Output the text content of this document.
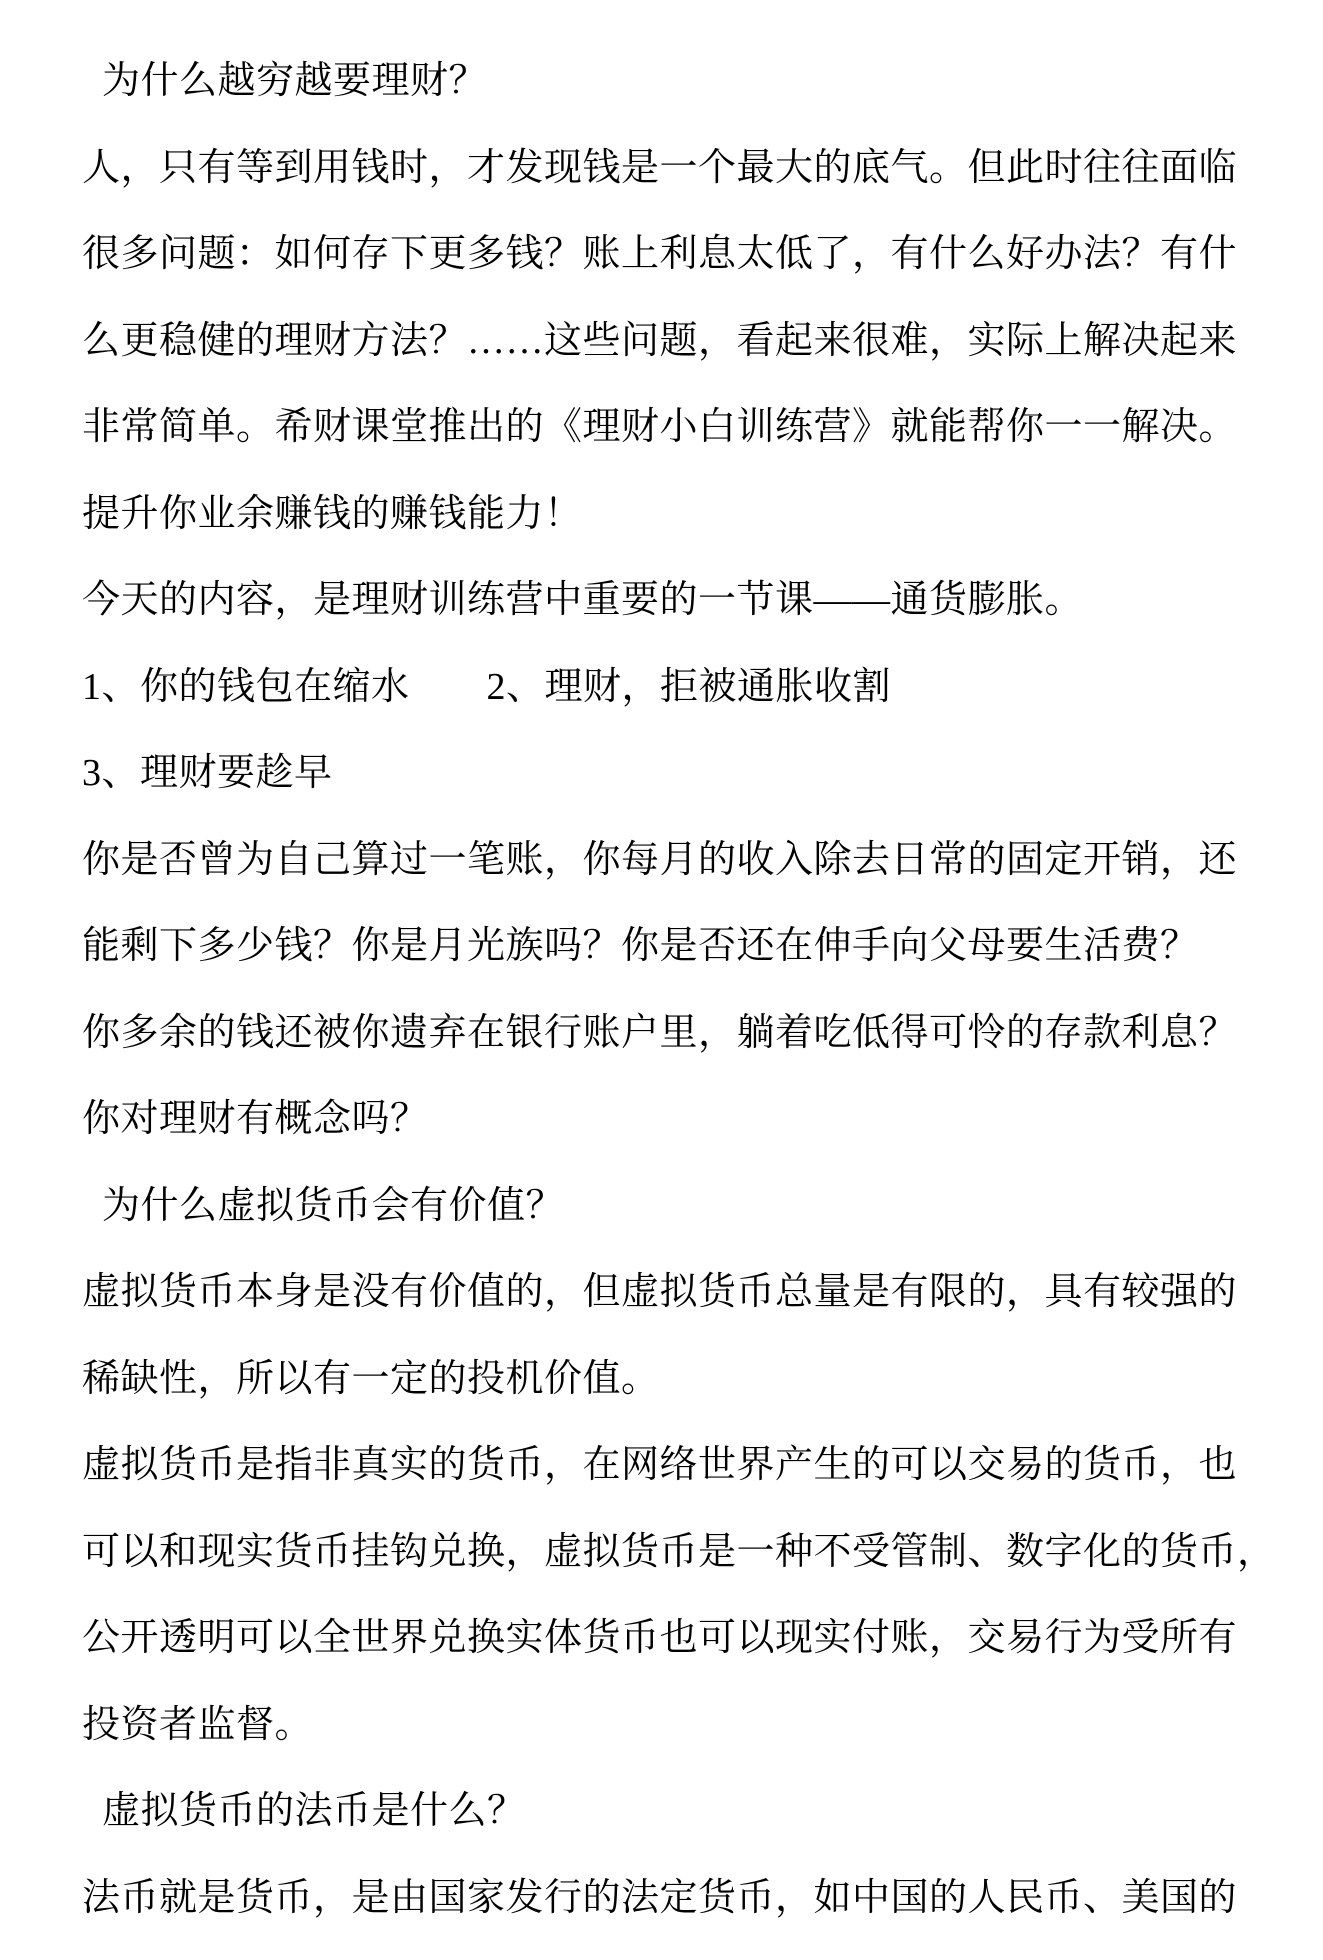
为什么越穷越要理财？
人，只有等到用钱时，才发现钱是一个最大的底气。但此时往往面临
很多问题：如何存下更多钱？账上利息太低了，有什么好办法？有什
么更稳健的理财方法？……这些问题，看起来很难，实际上解决起来
非常简单。希财课堂推出的《理财小白训练营》就能帮你一一解决。
提升你业余赚钱的赚钱能力！
今天的内容，是理财训练营中重要的一节课——通货膨胀。
1、你的钱包在缩水　　2、理财，拒被通胀收割
3、理财要趁早
你是否曾为自己算过一笔账，你每月的收入除去日常的固定开销，还
能剩下多少钱？你是月光族吗？你是否还在伸手向父母要生活费？
你多余的钱还被你遗弃在银行账户里，躺着吃低得可怜的存款利息？
你对理财有概念吗？
为什么虚拟货币会有价值？
虚拟货币本身是没有价值的，但虚拟货币总量是有限的，具有较强的
稀缺性，所以有一定的投机价值。
虚拟货币是指非真实的货币，在网络世界产生的可以交易的货币，也
可以和现实货币挂钩兑换，虚拟货币是一种不受管制、数字化的货币，
公开透明可以全世界兑换实体货币也可以现实付账，交易行为受所有
投资者监督。
虚拟货币的法币是什么？
法币就是货币，是由国家发行的法定货币，如中国的人民币、美国的
